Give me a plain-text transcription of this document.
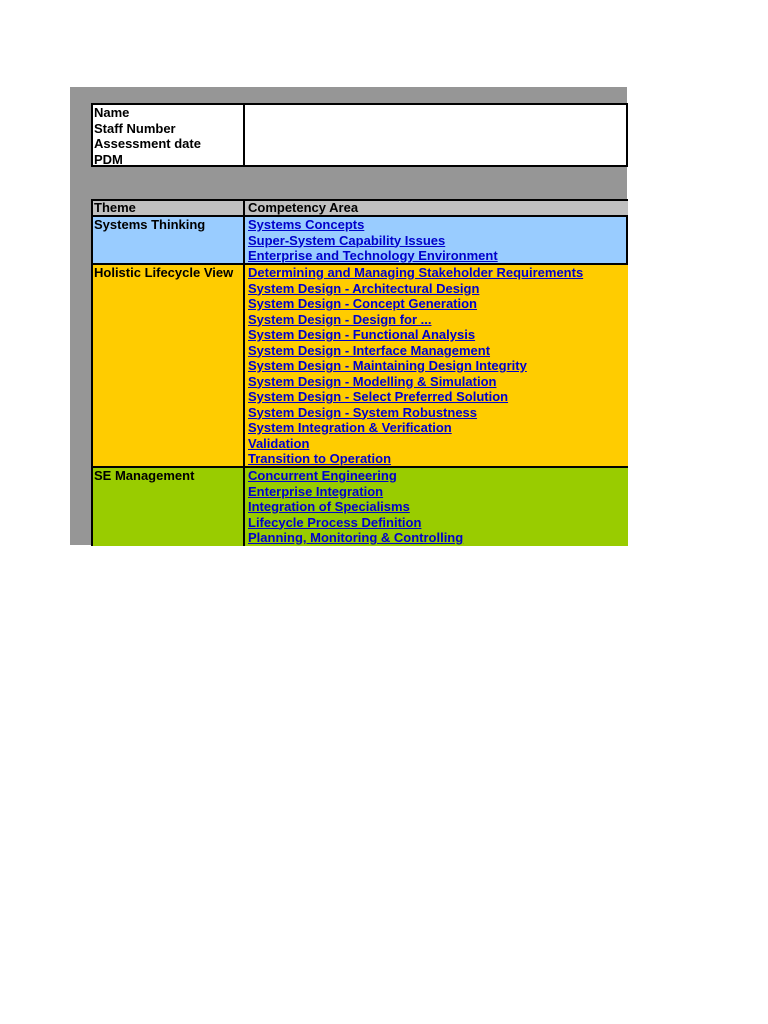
Name
Staff Number
Assessment date
PDM
Theme	Competency Area
Systems Thinking	Systems Concepts
Super-System Capability Issues
Enterprise and Technology Environment
Holistic Lifecycle View	Determining and Managing Stakeholder Requirements
System Design - Architectural Design
System Design - Concept Generation
System Design - Design for ...
System Design - Functional Analysis
System Design - Interface Management
System Design - Maintaining Design Integrity
System Design - Modelling & Simulation
System Design - Select Preferred Solution
System Design - System Robustness
System Integration & Verification
Validation
Transition to Operation
SE Management	Concurrent Engineering
Enterprise Integration
Integration of Specialisms
Lifecycle Process Definition
Planning, Monitoring & Controlling
